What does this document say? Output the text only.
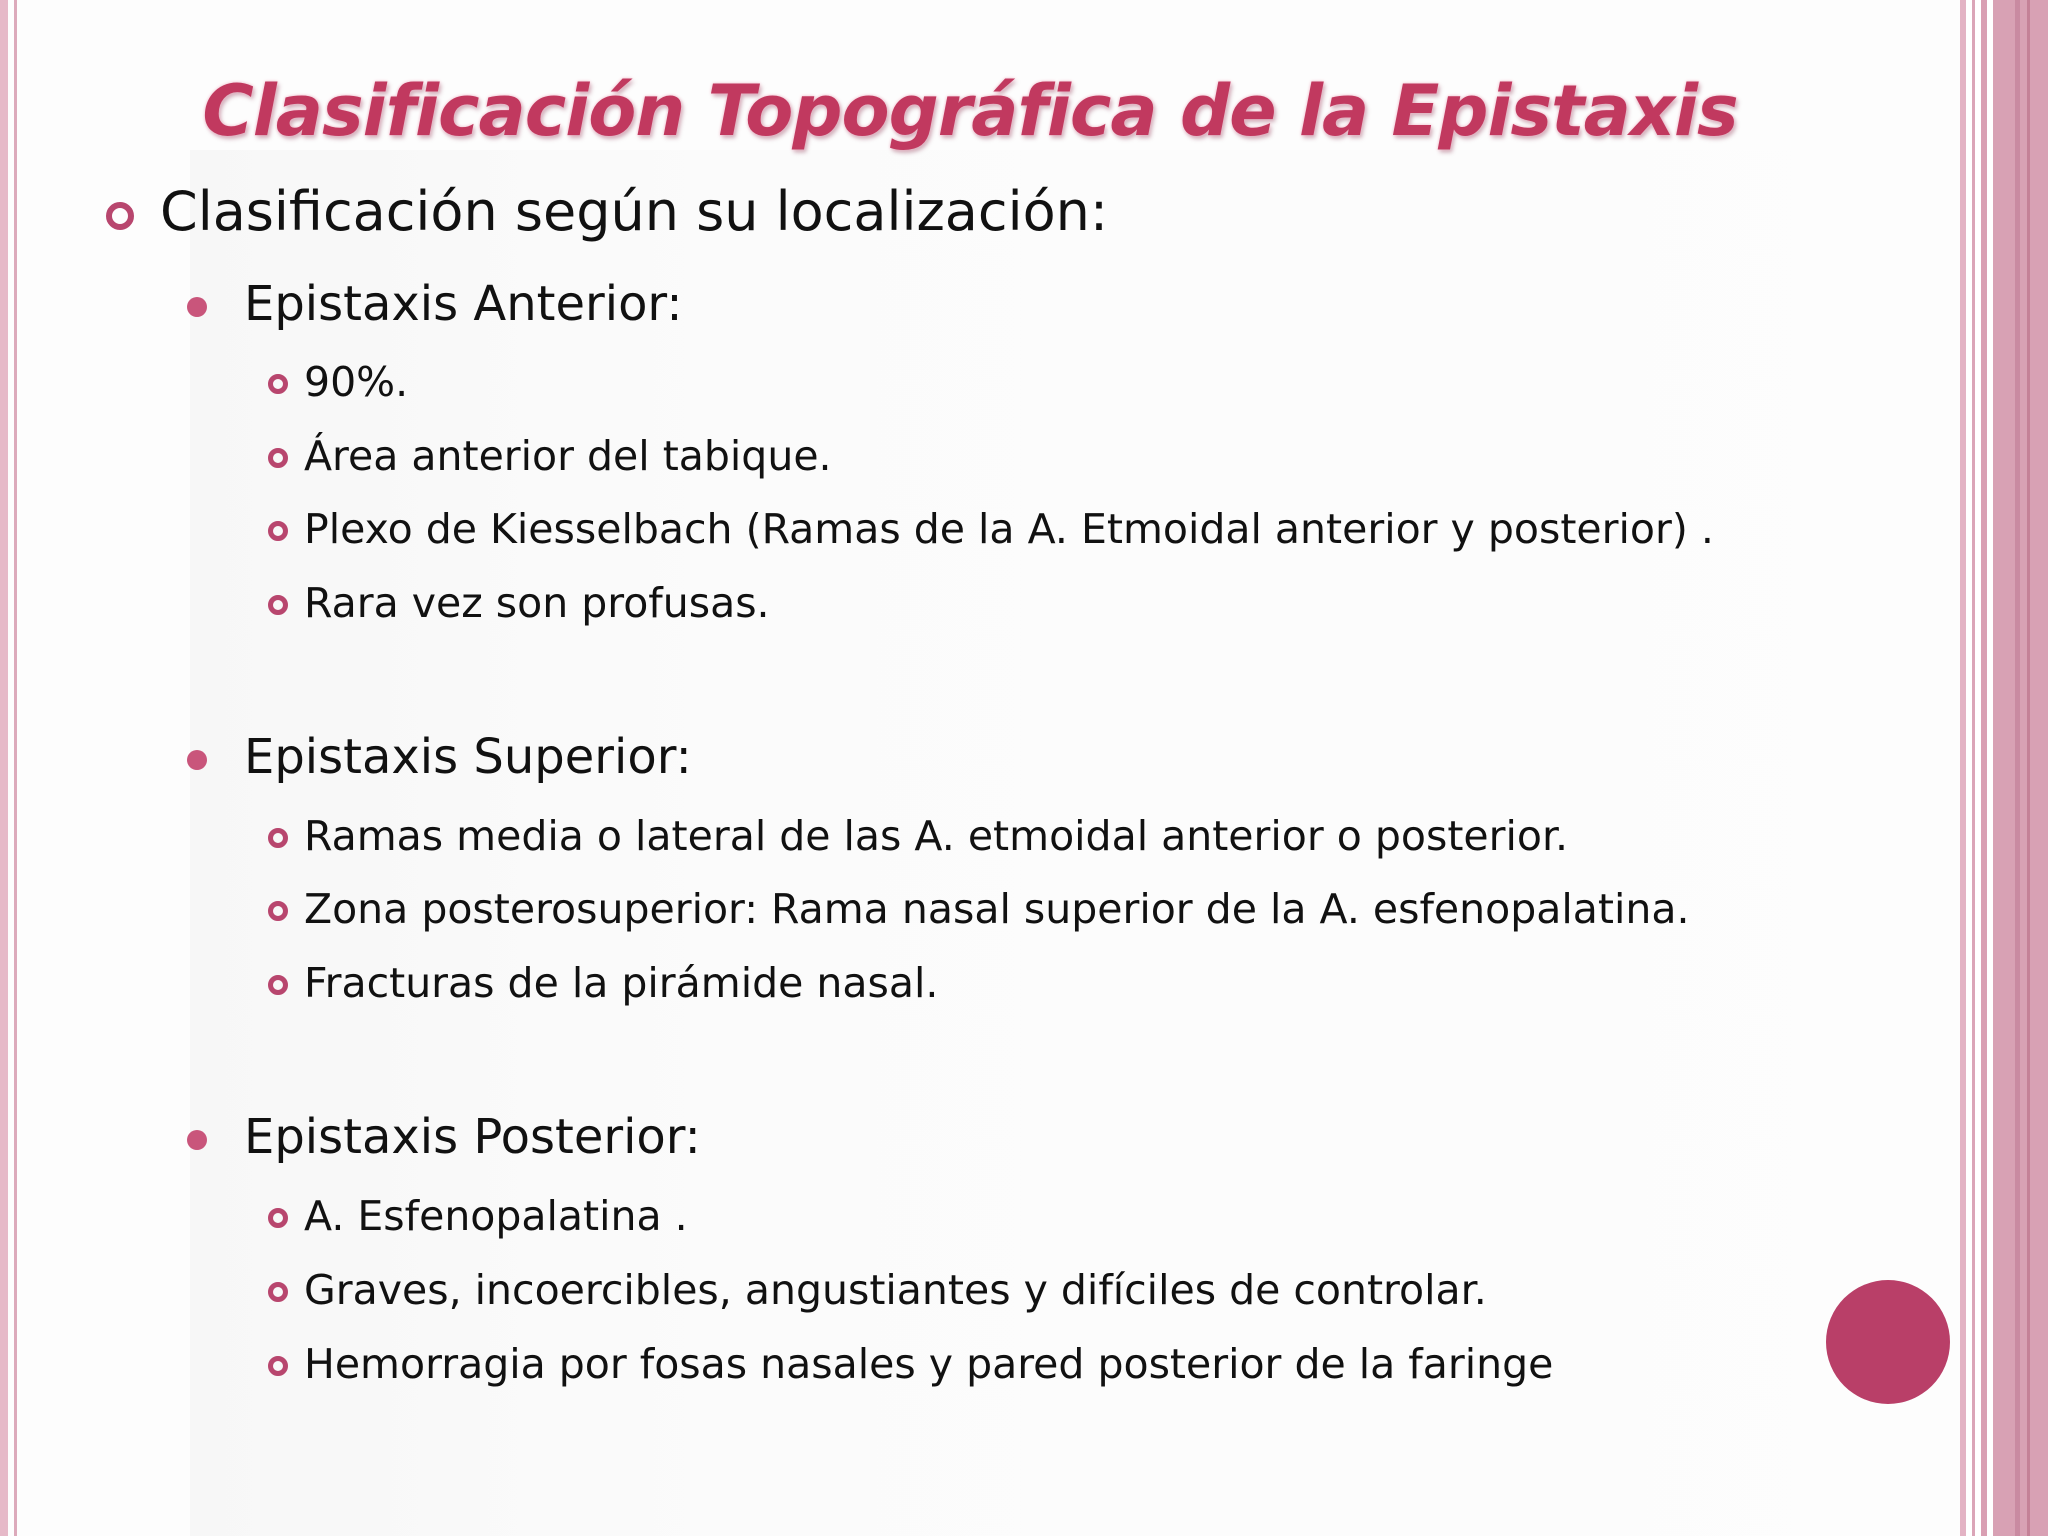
Clasificación Topográfica de la Epistaxis
Clasificación según su localización:
Epistaxis Anterior:
90%.
Área anterior del tabique.
Plexo de Kiesselbach (Ramas de la A. Etmoidal anterior y posterior) .
Rara vez son profusas.
Epistaxis Superior:
Ramas media o lateral de las A. etmoidal anterior o posterior.
Zona posterosuperior: Rama nasal superior de la A. esfenopalatina.
Fracturas de la pirámide nasal.
Epistaxis Posterior:
A. Esfenopalatina .
Graves, incoercibles, angustiantes y difíciles de controlar.
Hemorragia por fosas nasales y pared posterior de la faringe
